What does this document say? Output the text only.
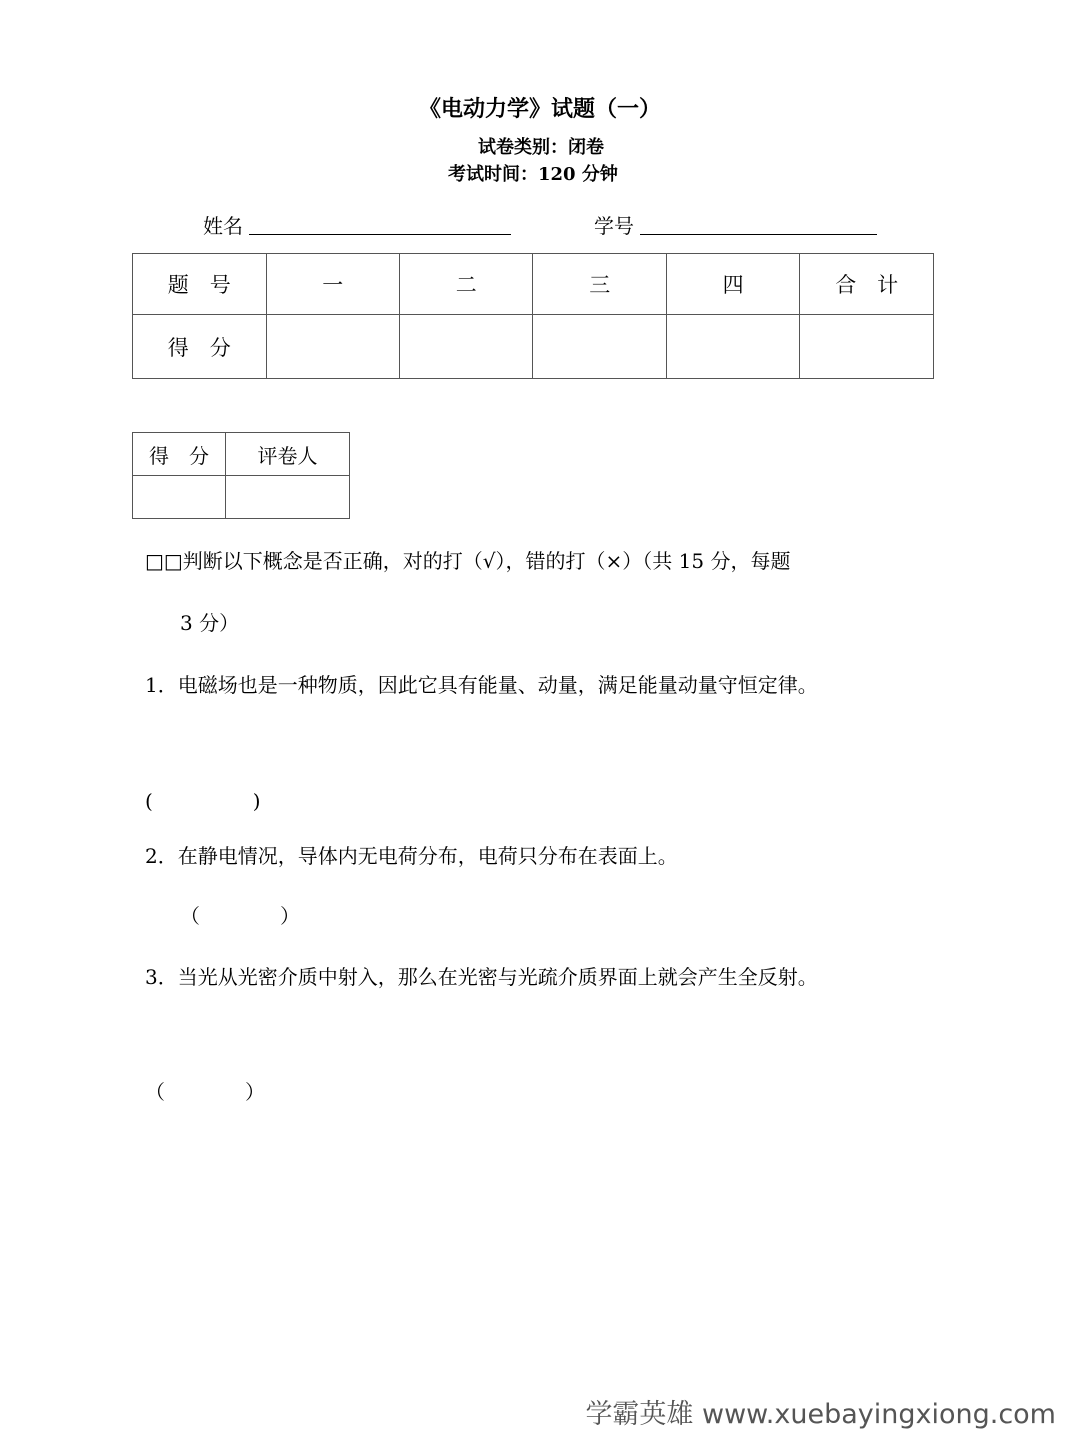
《电动力学》试题（一）
试卷类别：闭卷
考试时间：120 分钟
姓名	学号
题　号	一	二	三	四	合　计
得　分					
得　分	评卷人

□□判断以下概念是否正确，对的打（√），错的打（×）（共 15 分，每题
3 分）
1．电磁场也是一种物质，因此它具有能量、动量，满足能量动量守恒定律。
(　　　　　)
2．在静电情况，导体内无电荷分布，电荷只分布在表面上。
（　　　　）
3．当光从光密介质中射入，那么在光密与光疏介质界面上就会产生全反射。
（　　　　）
学霸英雄 www.xuebayingxiong.com
